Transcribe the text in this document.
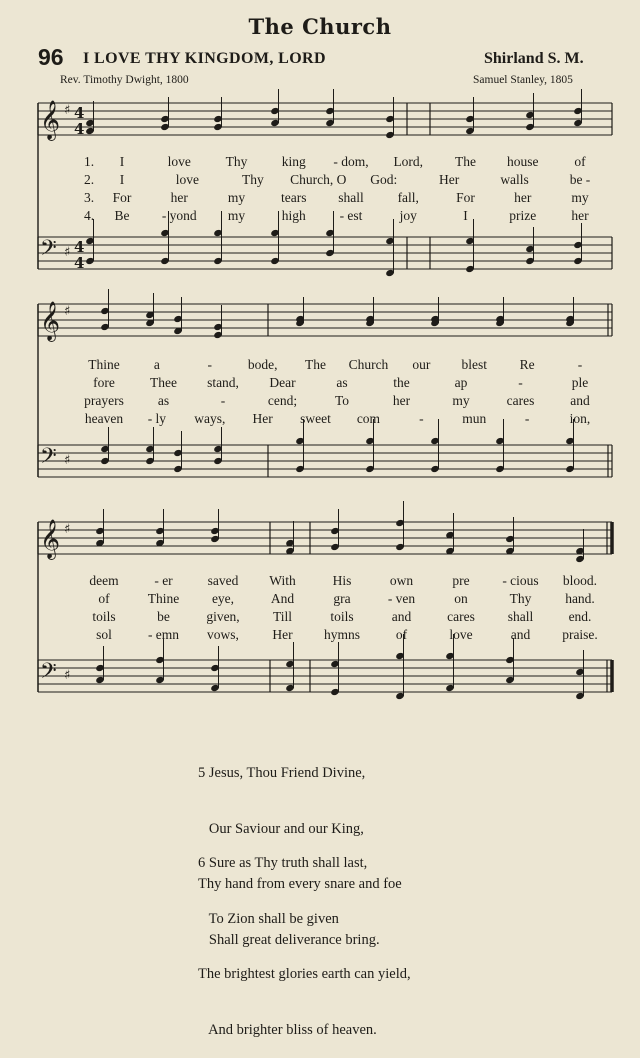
The Church
96 I LOVE THY KINGDOM, LORD	Shirland S. M.
Rev. Timothy Dwight, 1800	Samuel Stanley, 1805
𝄞 ♯ 4
4
𝄢 ♯ 4
4
𝄞 ♯
𝄢 ♯
𝄞 ♯
𝄢 ♯
1. I	love	Thy	king - dom, Lord, The house	of
2. I	love	Thy Church, O God:	Her	walls	be -
3. For	her	my	tears shall	fall,	For	her	my
4. Be - yond my	high	- est	joy	I	prize	her
Thine	a	-	bode, The Church our blest Re	-
fore	Thee stand, Dear	as	the	ap	-	ple
prayers	as	-	cend;	To	her	my	cares	and
heaven - ly ways, Her sweet com	-	mun	-	ion,
deem	- er	saved With	His	own	pre - cious blood.
of	Thine eye,	And	gra	- ven	on	Thy	hand.
toils	be	given, Till	toils	and	cares shall	end.
sol	- emn vows, Her hymns	of	love	and praise.

5 Jesus, Thou Friend Divine,

Our Saviour and our King,

Thy hand from every snare and foe

Shall great deliverance bring.

6 Sure as Thy truth shall last,

To Zion shall be given

The brightest glories earth can yield,

And brighter bliss of heaven.
